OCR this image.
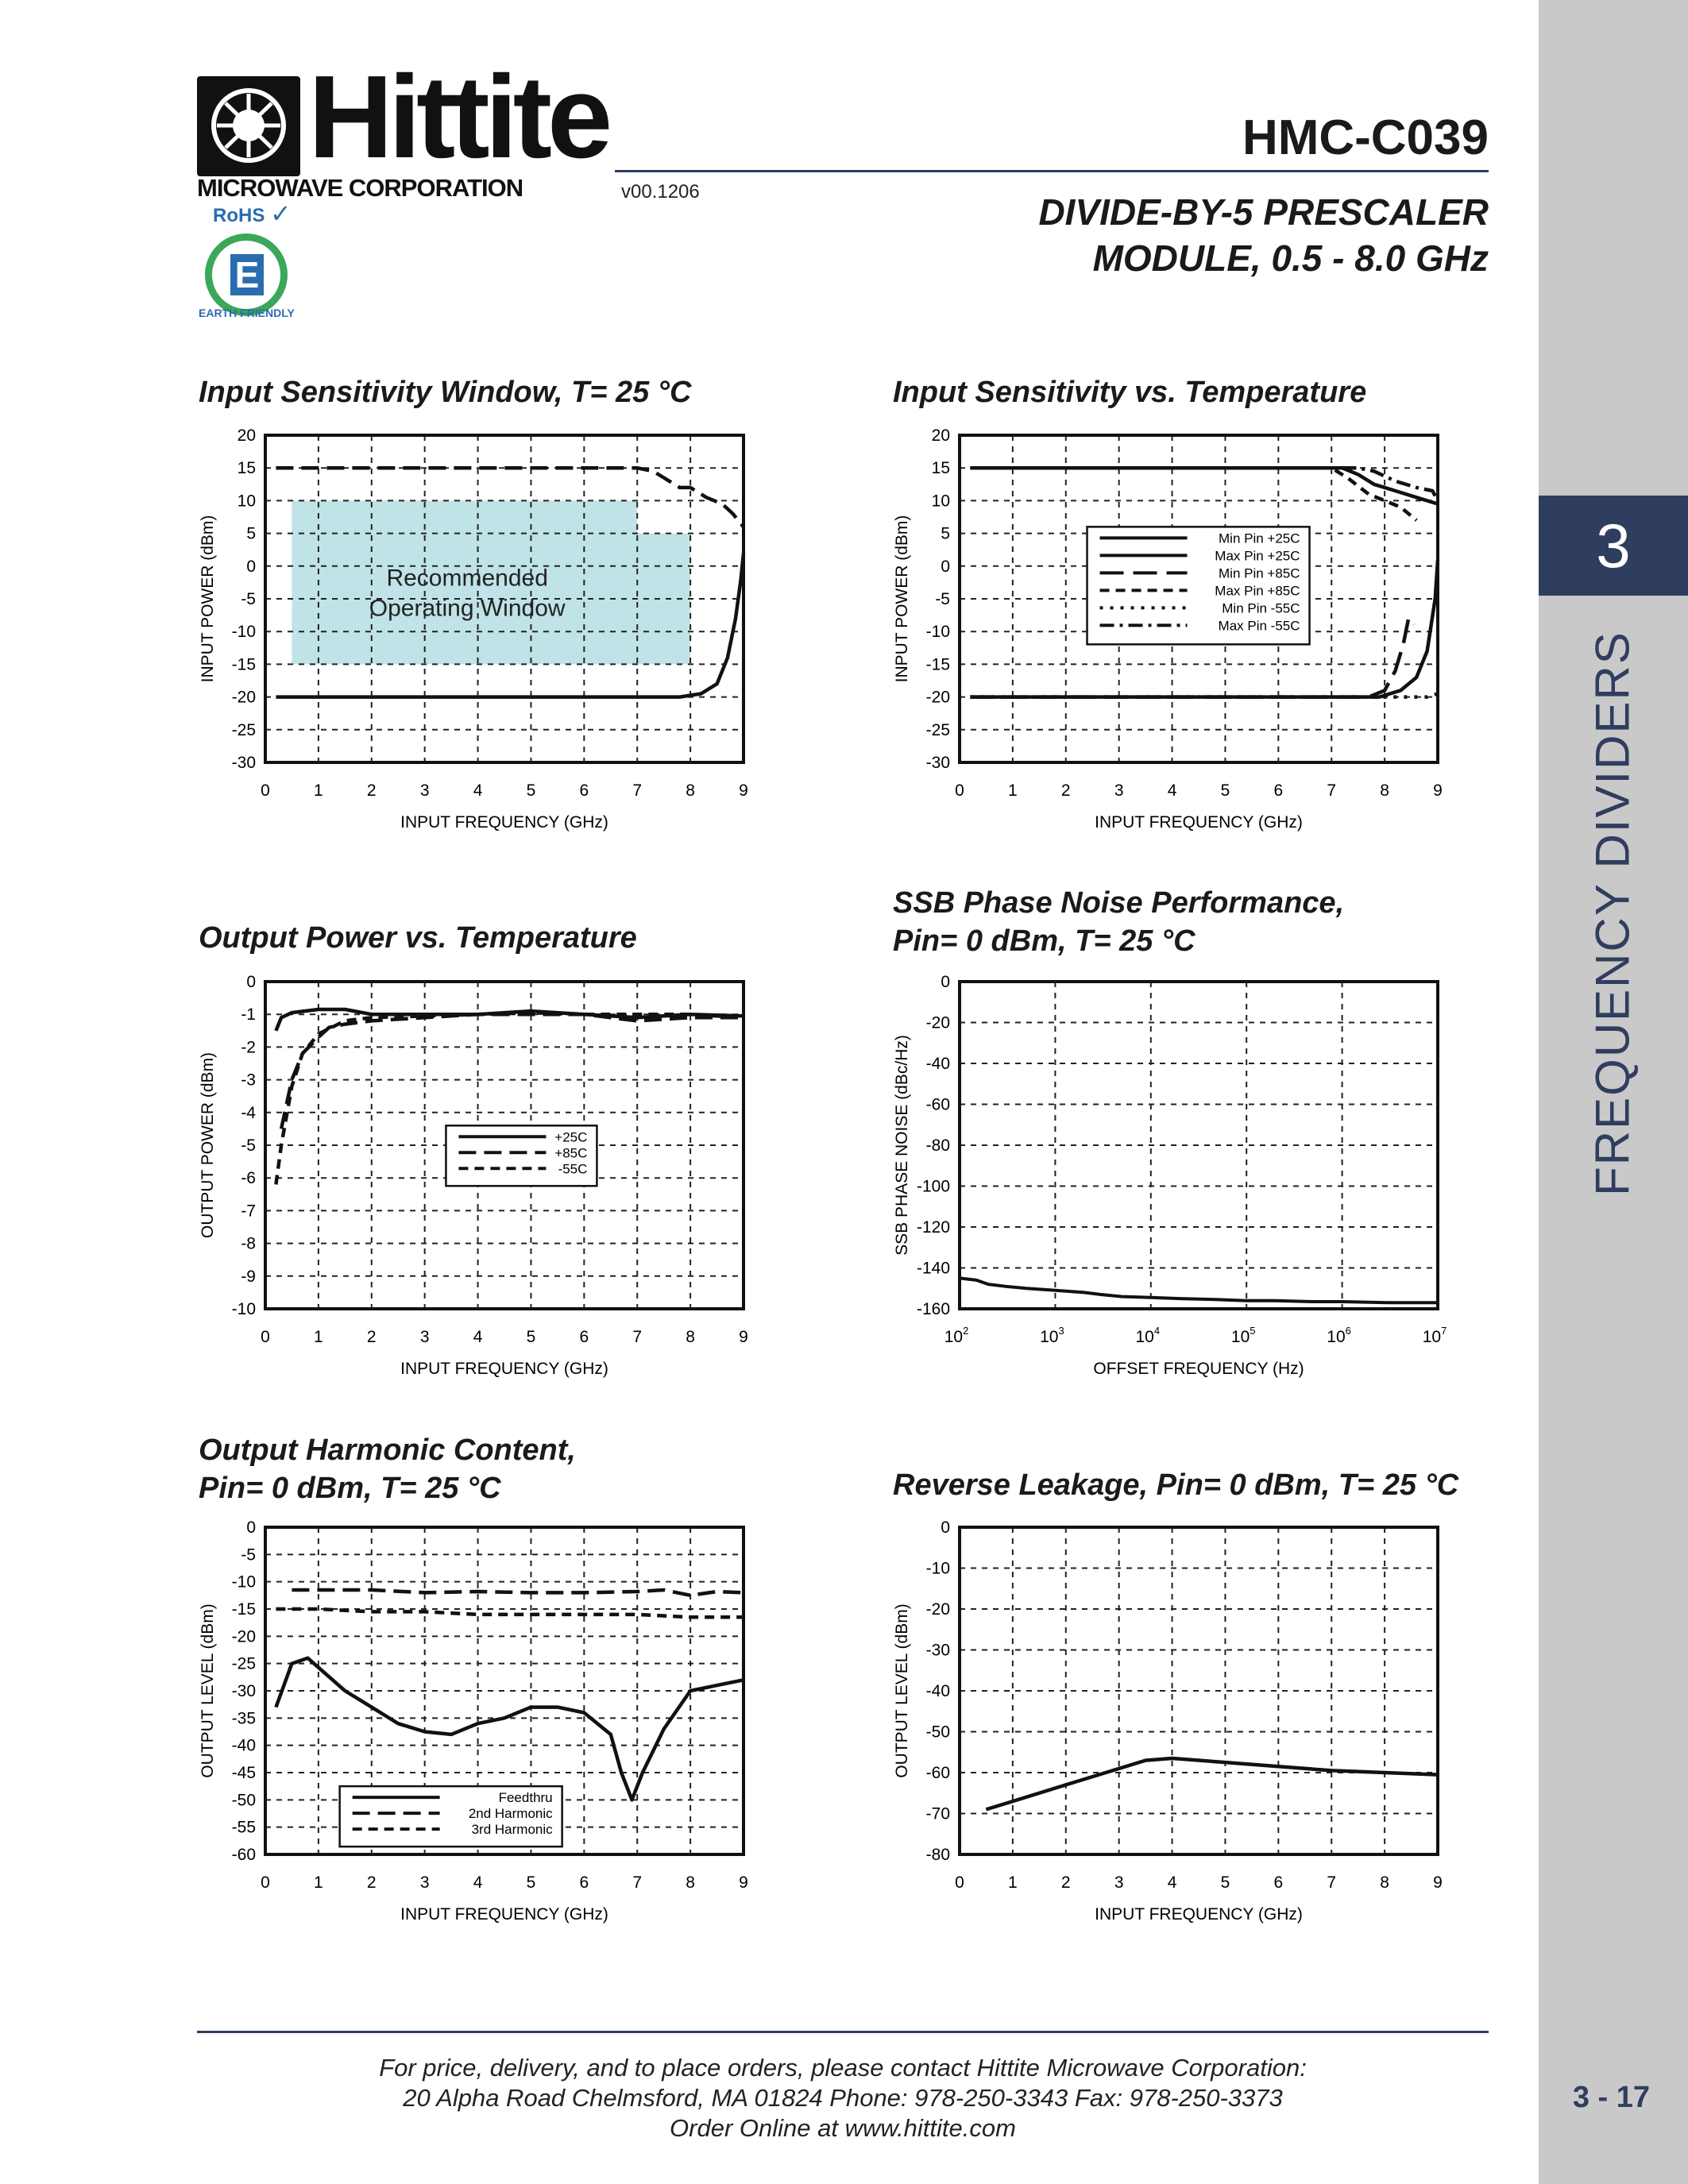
3
FREQUENCY DIVIDERS
3 - 17
Hittite
MICROWAVE CORPORATION	v00.1206
RoHS ✓
E
EARTH FRIENDLY
HMC-C039
DIVIDE-BY-5 PRESCALER
MODULE, 0.5 - 8.0 GHz
Input Sensitivity Window, T= 25 °C	Input Sensitivity vs. Temperature
Output Power vs. Temperature
SSB Phase Noise Performance,
Pin= 0 dBm, T= 25 °C
Output Harmonic Content,
Pin= 0 dBm, T= 25 °C	Reverse Leakage, Pin= 0 dBm, T= 25 °C
0	1	2	3	4	5	6	7	8	9
20
15
10
5
0
-5
-10
-15
-20
-25
-30
INPUT FREQUENCY (GHz)
INPUT POWER (dBm)	Recommended
Operating Window
0	1	2	3	4	5	6	7	8	9
20
15
10
5
0
-5
-10
-15
-20
-25
-30
INPUT FREQUENCY (GHz)
INPUT POWER (dBm)	Min Pin +25C
Max Pin +25C
Min Pin +85C
Max Pin +85C
Min Pin -55C
Max Pin -55C
0	1	2	3	4	5	6	7	8	9
0
-1
-2
-3
-4
-5
-6
-7
-8
-9
-10
INPUT FREQUENCY (GHz)
OUTPUT POWER (dBm)	+25C
+85C
-55C
$10^2$	$10^3$	$10^4$	$10^5$	$10^6$	$10^7$
0
-20
-40
-60
-80
-100
-120
-140
-160
OFFSET FREQUENCY (Hz)
SSB PHASE NOISE (dBc/Hz)
0	1	2	3	4	5	6	7	8	9
0
-5
-10
-15
-20
-25
-30
-35
-40
-45
-50
-55
-60
INPUT FREQUENCY (GHz)
OUTPUT LEVEL (dBm)
Feedthru
2nd Harmonic
3rd Harmonic
0	1	2	3	4	5	6	7	8	9
0
-10
-20
-30
-40
-50
-60
-70
-80
INPUT FREQUENCY (GHz)
OUTPUT LEVEL (dBm)
For price, delivery, and to place orders, please contact Hittite Microwave Corporation:
20 Alpha Road Chelmsford, MA 01824 Phone: 978-250-3343 Fax: 978-250-3373
Order Online at www.hittite.com
